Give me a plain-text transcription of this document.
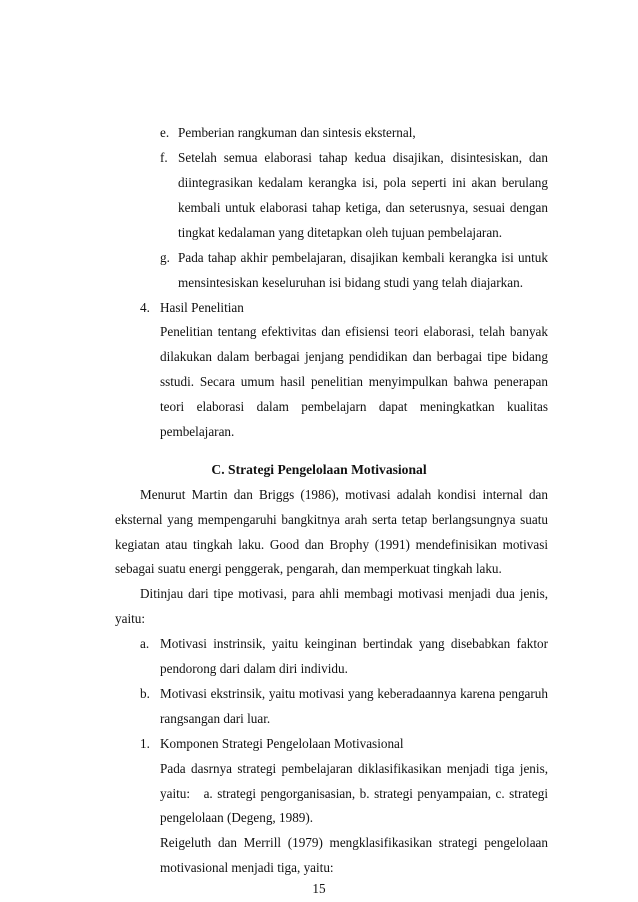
e. Pemberian rangkuman dan sintesis eksternal,
f. Setelah semua elaborasi tahap kedua disajikan, disintesiskan, dan
diintegrasikan kedalam kerangka isi, pola seperti ini akan berulang
kembali untuk elaborasi tahap ketiga, dan seterusnya, sesuai dengan
tingkat kedalaman yang ditetapkan oleh tujuan pembelajaran.
g. Pada tahap akhir pembelajaran, disajikan kembali kerangka isi untuk
mensintesiskan keseluruhan isi bidang studi yang telah diajarkan.
4. Hasil Penelitian
Penelitian tentang efektivitas dan efisiensi teori elaborasi, telah banyak
dilakukan dalam berbagai jenjang pendidikan dan berbagai tipe bidang
sstudi. Secara umum hasil penelitian menyimpulkan bahwa penerapan
teori elaborasi dalam pembelajarn dapat meningkatkan kualitas
pembelajaran.
C. Strategi Pengelolaan Motivasional
Menurut Martin dan Briggs (1986), motivasi adalah kondisi internal dan
eksternal yang mempengaruhi bangkitnya arah serta tetap berlangsungnya suatu
kegiatan atau tingkah laku. Good dan Brophy (1991) mendefinisikan motivasi
sebagai suatu energi penggerak, pengarah, dan memperkuat tingkah laku.
Ditinjau dari tipe motivasi, para ahli membagi motivasi menjadi dua jenis,
yaitu:
a. Motivasi instrinsik, yaitu keinginan bertindak yang disebabkan faktor
pendorong dari dalam diri individu.
b. Motivasi ekstrinsik, yaitu motivasi yang keberadaannya karena pengaruh
rangsangan dari luar.
1. Komponen Strategi Pengelolaan Motivasional
Pada dasrnya strategi pembelajaran diklasifikasikan menjadi tiga jenis,
yaitu:   a. strategi pengorganisasian, b. strategi penyampaian, c. strategi
pengelolaan (Degeng, 1989).
Reigeluth dan Merrill (1979) mengklasifikasikan strategi pengelolaan
motivasional menjadi tiga, yaitu:
15
